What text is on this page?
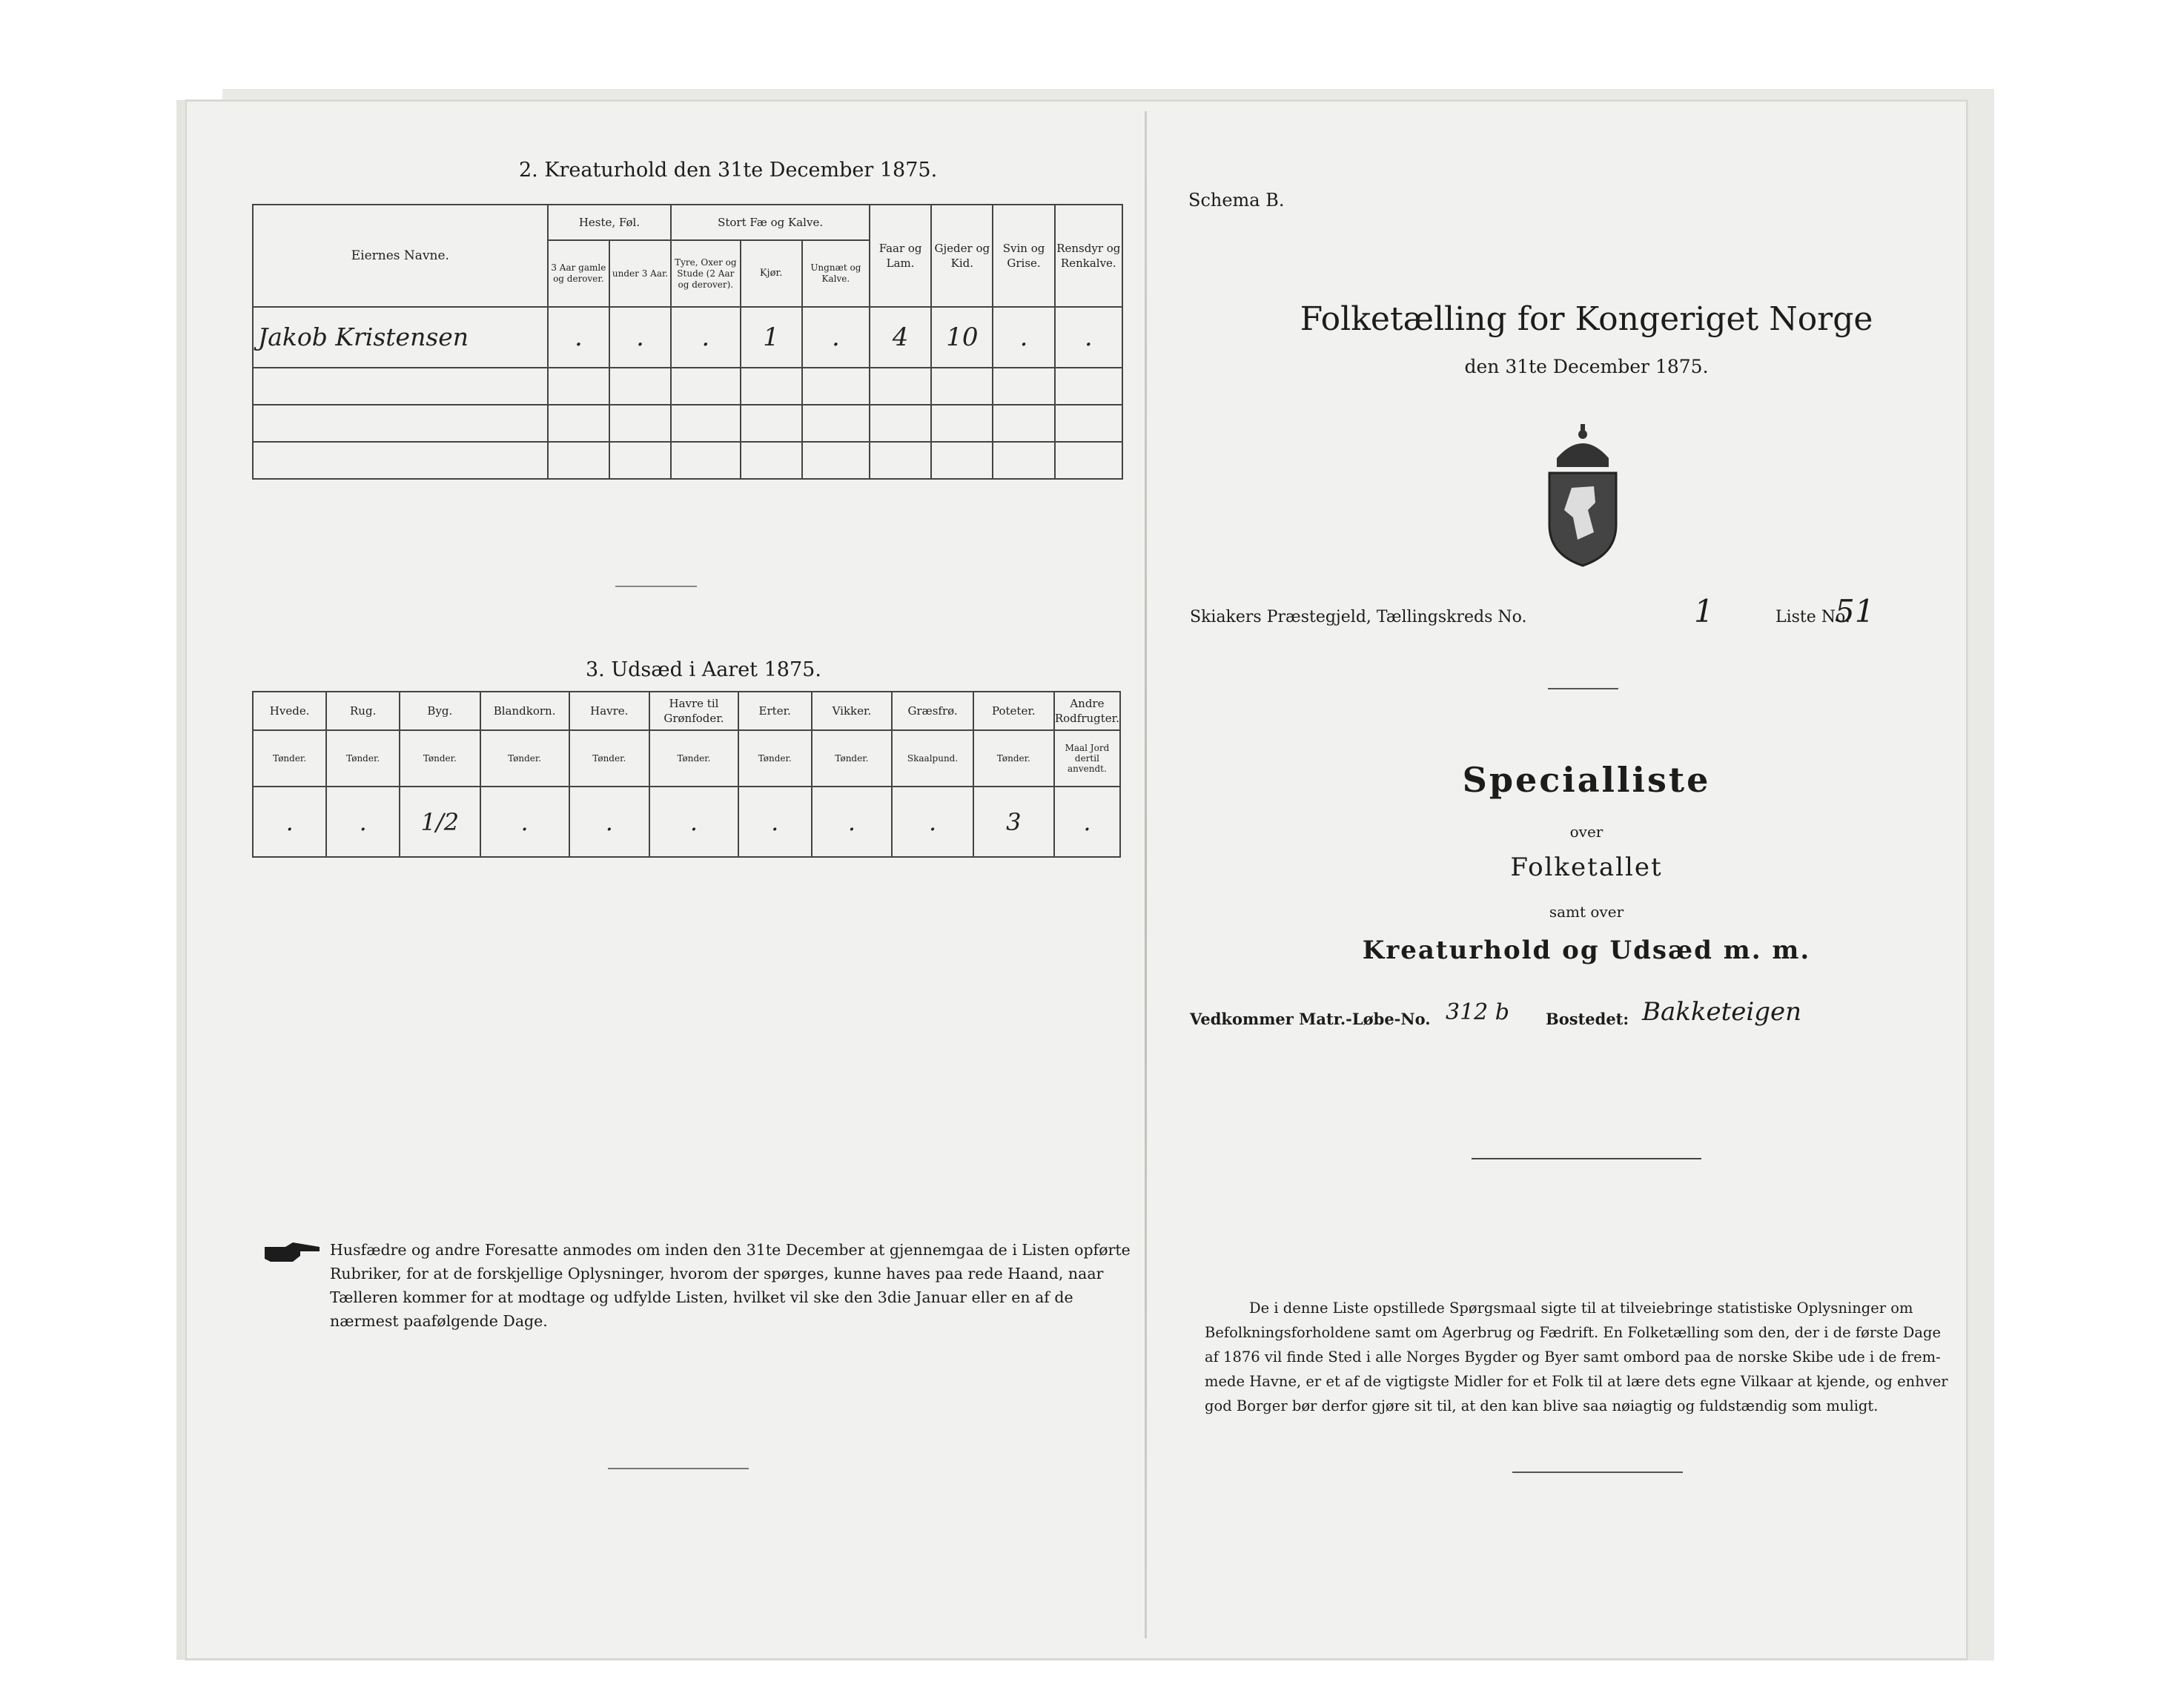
2. Kreaturhold den 31te December 1875.
Eiernes Navne.	Heste, Føl.		Stort Fæ og Kalve.			Faar og Lam.	Gjeder og Kid.	Svin og Grise.	Rensdyr og Renkalve.
	3 Aar gamle og derover.	under 3 Aar.	Tyre, Oxer og Stude (2 Aar og derover).	Kjør.	Ungnæt og Kalve.				
Jakob Kristensen	.	.	.	1	.	4	10	.	.

3. Udsæd i Aaret 1875.
Hvede.	Rug.	Byg.	Blandkorn.	Havre.	Havre til Grønfoder.	Erter.	Vikker.	Græsfrø.	Poteter.	Andre Rodfrugter.
Tønder.	Tønder.	Tønder.	Tønder.	Tønder.	Tønder.	Tønder.	Tønder.	Skaalpund.	Tønder.	Maal Jord dertil anvendt.
.	.	1/2	.	.	.	.	.	.	3	.
Husfædre og andre Foresatte anmodes om inden den 31te December at gjennemgaa de i Listen opførte
Rubriker, for at de forskjellige Oplysninger, hvorom der spørges, kunne haves paa rede Haand, naar
Tælleren kommer for at modtage og udfylde Listen, hvilket vil ske den 3die Januar eller en af de
nærmest paafølgende Dage.
Schema B.
Folketælling for Kongeriget Norge
den 31te December 1875.
Skiakers Præstegjeld, Tællingskreds No.	1	Liste No.
51
Specialliste
over
Folketallet
samt over
Kreaturhold og Udsæd m. m.
Vedkommer Matr.-Løbe-No. 312 b Bostedet: Bakketeigen
De i denne Liste opstillede Spørgsmaal sigte til at tilveiebringe statistiske Oplysninger om
Befolkningsforholdene samt om Agerbrug og Fædrift. En Folketælling som den, der i de første Dage
af 1876 vil finde Sted i alle Norges Bygder og Byer samt ombord paa de norske Skibe ude i de frem-
mede Havne, er et af de vigtigste Midler for et Folk til at lære dets egne Vilkaar at kjende, og enhver
god Borger bør derfor gjøre sit til, at den kan blive saa nøiagtig og fuldstændig som muligt.
